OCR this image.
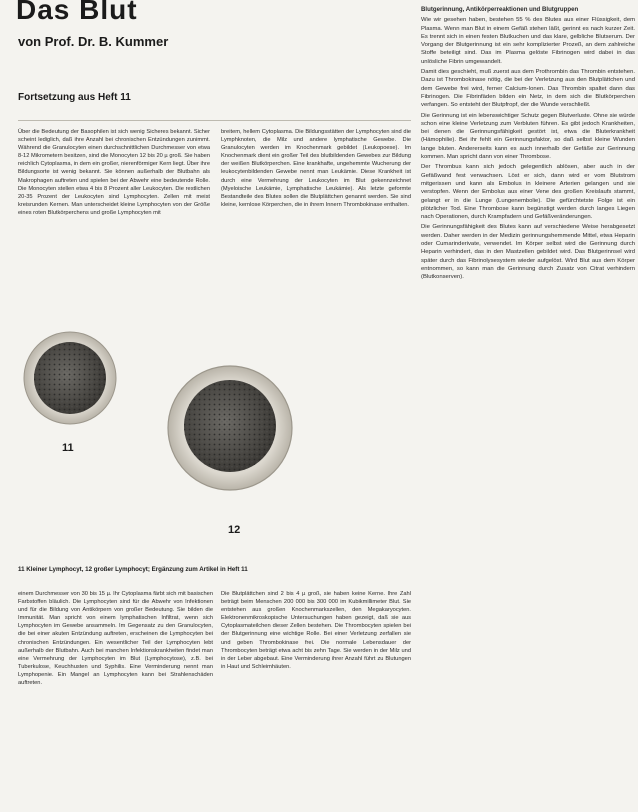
Das Blut
von Prof. Dr. B. Kummer
Fortsetzung aus Heft 11
Über die Bedeutung der Basophilen ist sich wenig Sicheres bekannt. Sicher scheint lediglich, daß ihre Anzahl bei chronischen Entzündungen zunimmt. Während die Granulocyten einen durchschnittlichen Durchmesser von etwa 8-12 Mikrometern besitzen, sind die Monocyten 12 bis 20 µ groß. Sie haben reichlich Cytoplasma, in dem ein großer, nierenförmiger Kern liegt. Über ihre Bildungsorte ist wenig bekannt. Sie können außerhalb der Blutbahn als Makrophagen auftreten und spielen bei der Abwehr eine bedeutende Rolle. Die Monocyten stellen etwa 4 bis 8 Prozent aller Leukocyten. Die restlichen 20-35 Prozent der Leukocyten sind Lymphocyten. Zellen mit meist kreisrunden Kernen. Man unterscheidet kleine Lymphocyten von der Größe eines roten Blutkörperchens und große Lymphocyten mit
breitem, hellem Cytoplasma. Die Bildungsstätten der Lymphocyten sind die Lymphknoten, die Milz und andere lymphatische Gewebe. Die Granulocyten werden im Knochenmark gebildet (Leukopoese). Im Knochenmark dient ein großer Teil des blutbildenden Gewebes zur Bildung der weißen Blutkörperchen. Eine krankhafte, ungehemmte Wucherung der leukocytenbildenden Gewebe nennt man Leukämie. Diese Krankheit ist durch eine Vermehrung der Leukocyten im Blut gekennzeichnet (Myeloische Leukämie, Lymphatische Leukämie). Als letzte geformte Bestandteile des Blutes sollen die Blutplättchen genannt werden. Sie sind kleine, kernlose Körperchen, die in ihrem Innern Thrombokinase enthalten.
11
12
11 Kleiner Lymphocyt, 12 großer Lymphocyt; Ergänzung zum Artikel in Heft 11
einem Durchmesser von 30 bis 15 µ. Ihr Cytoplasma färbt sich mit basischen Farbstoffen bläulich. Die Lymphocyten sind für die Abwehr von Infektionen und für die Bildung von Antikörpern von großer Bedeutung. Sie bilden die Immunität. Man spricht von einem lymphatischen Infiltrat, wenn sich Lymphocyten im Gewebe ansammeln. Im Gegensatz zu den Granulocyten, die bei einer akuten Entzündung auftreten, erscheinen die Lymphocyten bei chronischen Entzündungen. Ein wesentlicher Teil der Lymphocyten lebt außerhalb der Blutbahn. Auch bei manchen Infektionskrankheiten findet man eine Vermehrung der Lymphocyten im Blut (Lymphocytose), z.B. bei Tuberkulose, Keuchhusten und Syphilis. Eine Verminderung nennt man Lymphopenie. Ein Mangel an Lymphocyten kann bei Strahlenschäden auftreten.
Die Blutplättchen sind 2 bis 4 µ groß, sie haben keine Kerne. Ihre Zahl beträgt beim Menschen 200 000 bis 300 000 im Kubikmillimeter Blut. Sie entstehen aus großen Knochenmarkszellen, den Megakaryocyten. Elektronenmikroskopische Untersuchungen haben gezeigt, daß sie aus Cytoplasmateilchen dieser Zellen bestehen. Die Thrombocyten spielen bei der Blutgerinnung eine wichtige Rolle. Bei einer Verletzung zerfallen sie und geben Thrombokinase frei. Die normale Lebensdauer der Thrombocyten beträgt etwa acht bis zehn Tage. Sie werden in der Milz und in der Leber abgebaut. Eine Verminderung ihrer Anzahl führt zu Blutungen in Haut und Schleimhäuten.

Blutgerinnung, Antikörperreaktionen und Blutgruppen

Wie wir gesehen haben, bestehen 55 % des Blutes aus einer Flüssigkeit, dem Plasma. Wenn man Blut in einem Gefäß stehen läßt, gerinnt es nach kurzer Zeit. Es trennt sich in einen festen Blutkuchen und das klare, gelbliche Blutserum. Der Vorgang der Blutgerinnung ist ein sehr komplizierter Prozeß, an dem zahlreiche Stoffe beteiligt sind. Das im Plasma gelöste Fibrinogen wird dabei in das unlösliche Fibrin umgewandelt.

Damit dies geschieht, muß zuerst aus dem Prothrombin das Thrombin entstehen. Dazu ist Thrombokinase nötig, die bei der Verletzung aus den Blutplättchen und dem Gewebe frei wird, ferner Calcium-Ionen. Das Thrombin spaltet dann das Fibrinogen. Die Fibrinfäden bilden ein Netz, in dem sich die Blutkörperchen verfangen. So entsteht der Blutpfropf, der die Wunde verschließt.

Die Gerinnung ist ein lebenswichtiger Schutz gegen Blutverluste. Ohne sie würde schon eine kleine Verletzung zum Verbluten führen. Es gibt jedoch Krankheiten, bei denen die Gerinnungsfähigkeit gestört ist, etwa die Bluterkrankheit (Hämophilie). Bei ihr fehlt ein Gerinnungsfaktor, so daß selbst kleine Wunden lange bluten. Andererseits kann es auch innerhalb der Gefäße zur Gerinnung kommen. Man spricht dann von einer Thrombose.

Der Thrombus kann sich jedoch gelegentlich ablösen, aber auch in der Gefäßwand fest verwachsen. Löst er sich, dann wird er vom Blutstrom mitgerissen und kann als Embolus in kleinere Arterien gelangen und sie verstopfen. Wenn der Embolus aus einer Vene des großen Kreislaufs stammt, gelangt er in die Lunge (Lungenembolie). Die gefürchtetste Folge ist ein plötzlicher Tod. Eine Thrombose kann begünstigt werden durch langes Liegen nach Operationen, durch Krampfadern und Gefäßveränderungen.

Die Gerinnungsfähigkeit des Blutes kann auf verschiedene Weise herabgesetzt werden. Daher werden in der Medizin gerinnungshemmende Mittel, etwa Heparin oder Cumarinderivate, verwendet. Im Körper selbst wird die Gerinnung durch Heparin verhindert, das in den Mastzellen gebildet wird. Das Blutgerinnsel wird später durch das Fibrinolysesystem wieder aufgelöst. Wird Blut aus dem Körper entnommen, so kann man die Gerinnung durch Zusatz von Citrat verhindern (Blutkonserven).
